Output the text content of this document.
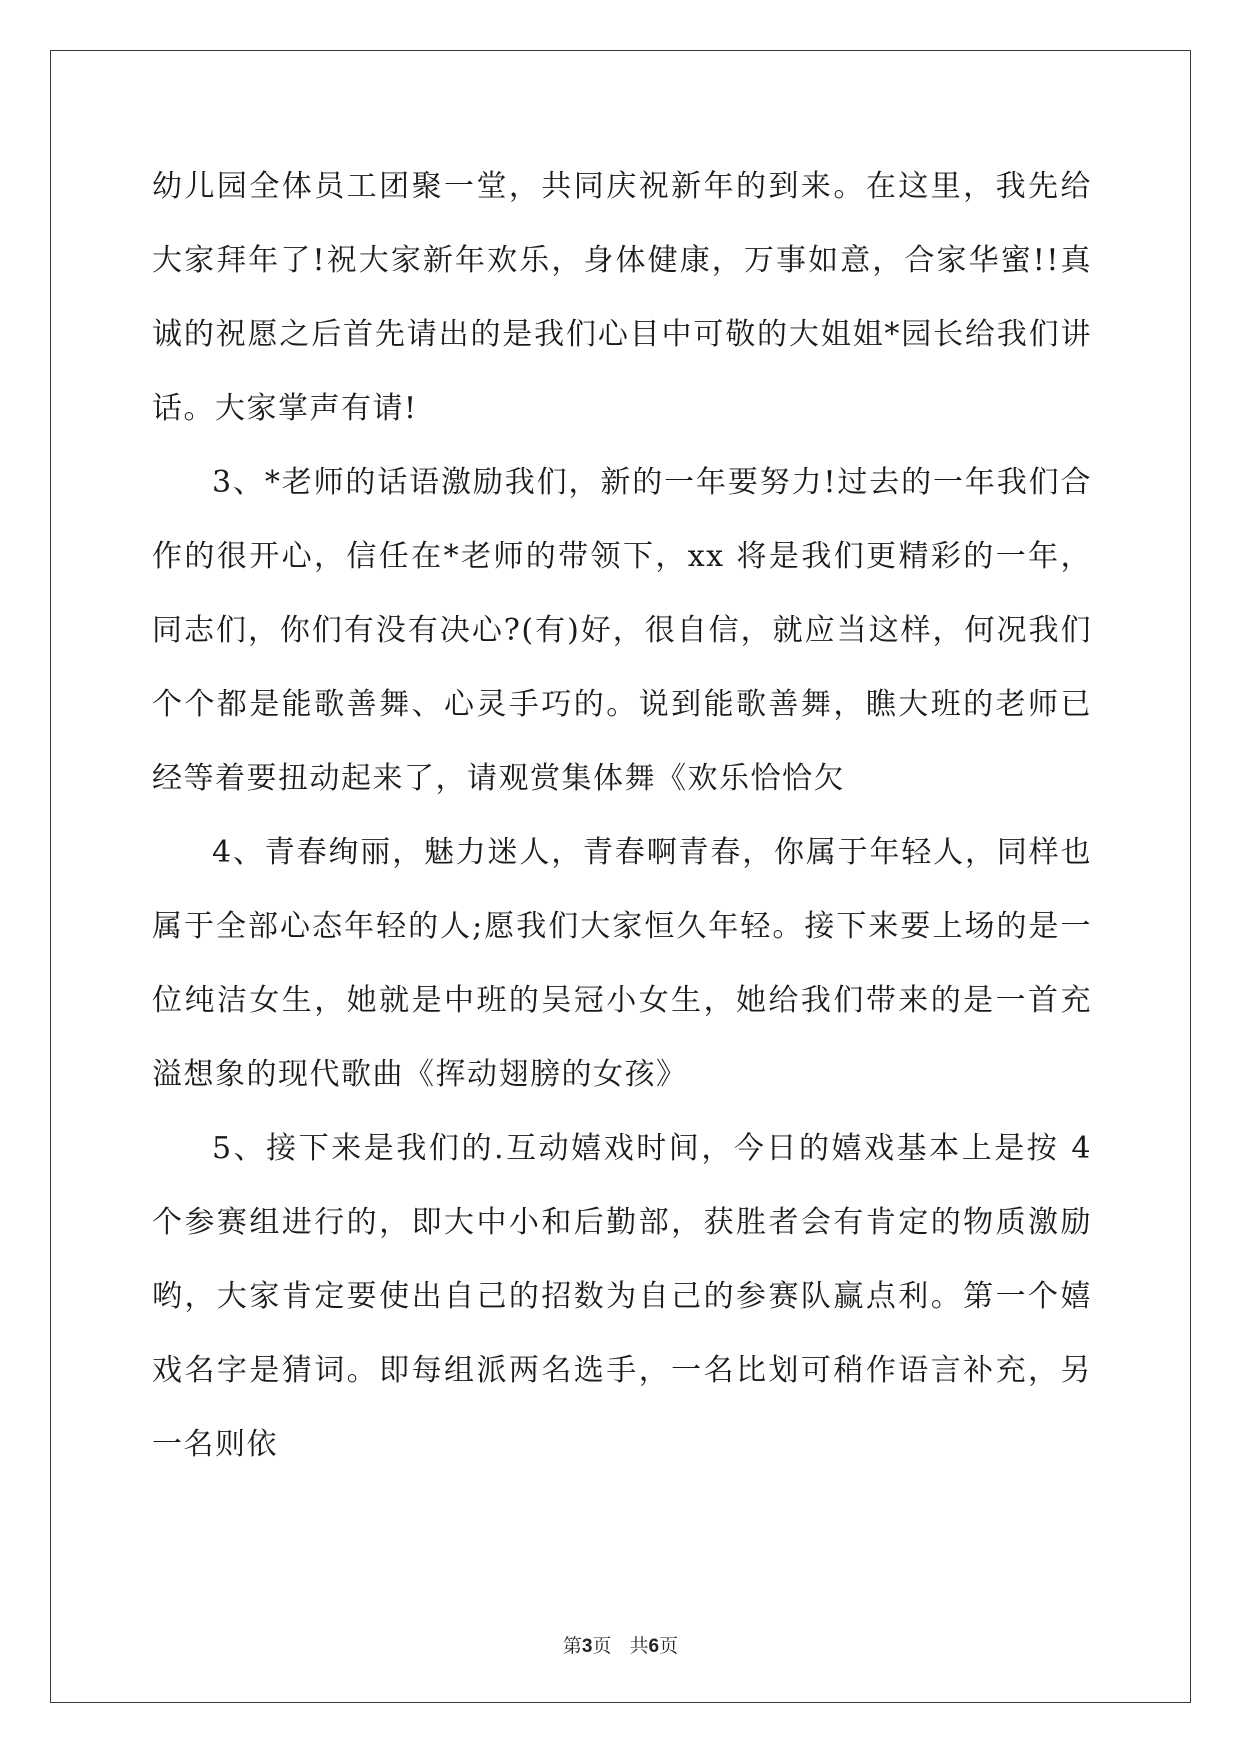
幼儿园全体员工团聚一堂，共同庆祝新年的到来。在这里，我先给大家拜年了!祝大家新年欢乐，身体健康，万事如意，合家华蜜!!真诚的祝愿之后首先请出的是我们心目中可敬的大姐姐*园长给我们讲话。大家掌声有请!

3、*老师的话语激励我们，新的一年要努力!过去的一年我们合作的很开心，信任在*老师的带领下，xx 将是我们更精彩的一年，同志们，你们有没有决心?(有)好，很自信，就应当这样，何况我们个个都是能歌善舞、心灵手巧的。说到能歌善舞，瞧大班的老师已经等着要扭动起来了，请观赏集体舞《欢乐恰恰欠

4、青春绚丽，魅力迷人，青春啊青春，你属于年轻人，同样也属于全部心态年轻的人;愿我们大家恒久年轻。接下来要上场的是一位纯洁女生，她就是中班的吴冠小女生，她给我们带来的是一首充溢想象的现代歌曲《挥动翅膀的女孩》

5、接下来是我们的.互动嬉戏时间，今日的嬉戏基本上是按 4 个参赛组进行的，即大中小和后勤部，获胜者会有肯定的物质激励哟，大家肯定要使出自己的招数为自己的参赛队赢点利。第一个嬉戏名字是猜词。即每组派两名选手，一名比划可稍作语言补充，另一名则依

第3页 共6页
